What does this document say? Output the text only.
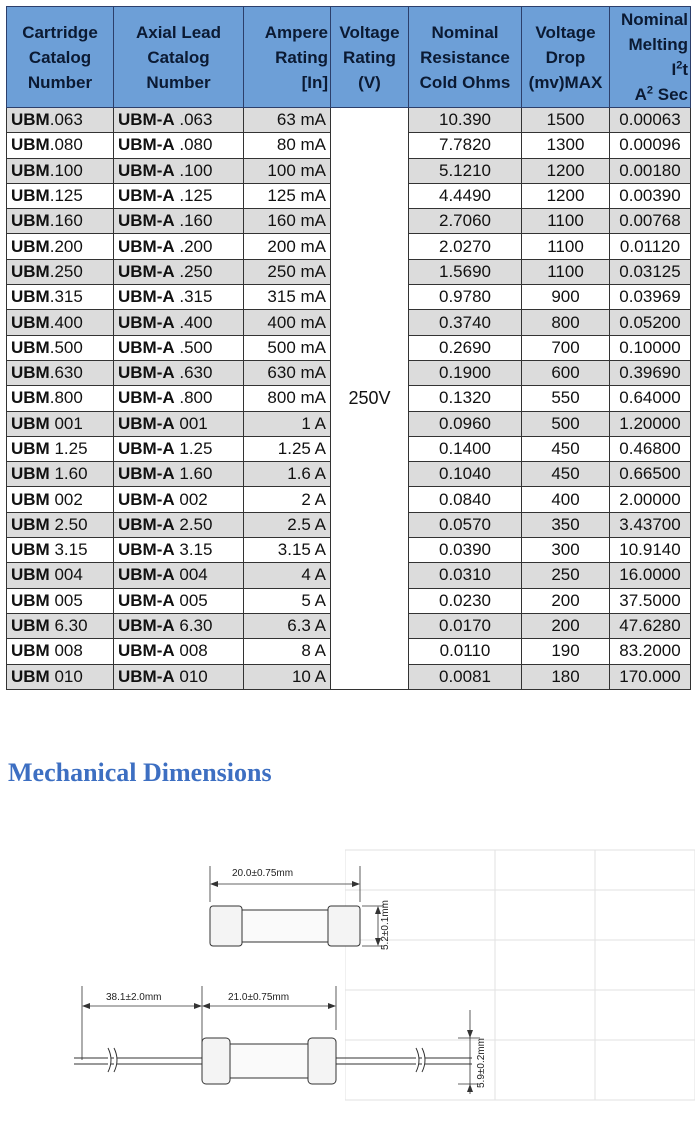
Cartridge
Catalog
Number	Axial Lead
Catalog
Number	Ampere
Rating
[In]	Voltage
Rating
(V)	Nominal
Resistance
Cold Ohms	Voltage
Drop
(mv)MAX	Nominal
Melting $I^2t$
$A^2$ Sec

UBM.063	UBM-A .063	63 mA	250V	10.390	1500	0.00063
UBM.080	UBM-A .080	80 mA		7.7820	1300	0.00096
UBM.100	UBM-A .100	100 mA		5.1210	1200	0.00180
UBM.125	UBM-A .125	125 mA		4.4490	1200	0.00390
UBM.160	UBM-A .160	160 mA		2.7060	1100	0.00768
UBM.200	UBM-A .200	200 mA		2.0270	1100	0.01120
UBM.250	UBM-A .250	250 mA		1.5690	1100	0.03125
UBM.315	UBM-A .315	315 mA		0.9780	900	0.03969
UBM.400	UBM-A .400	400 mA		0.3740	800	0.05200
UBM.500	UBM-A .500	500 mA		0.2690	700	0.10000
UBM.630	UBM-A .630	630 mA		0.1900	600	0.39690
UBM.800	UBM-A .800	800 mA		0.1320	550	0.64000
UBM 001	UBM-A 001	1 A		0.0960	500	1.20000
UBM 1.25	UBM-A 1.25	1.25 A		0.1400	450	0.46800
UBM 1.60	UBM-A 1.60	1.6 A		0.1040	450	0.66500
UBM 002	UBM-A 002	2 A		0.0840	400	2.00000
UBM 2.50	UBM-A 2.50	2.5 A		0.0570	350	3.43700
UBM 3.15	UBM-A 3.15	3.15 A		0.0390	300	10.9140
UBM 004	UBM-A 004	4 A		0.0310	250	16.0000
UBM 005	UBM-A 005	5 A		0.0230	200	37.5000
UBM 6.30	UBM-A 6.30	6.3 A		0.0170	200	47.6280
UBM 008	UBM-A 008	8 A		0.0110	190	83.2000
UBM 010	UBM-A 010	10 A		0.0081	180	170.000
Mechanical Dimensions
20.0±0.75mm
5.2±0.1mm
38.1±2.0mm	21.0±0.75mm
5.9±0.2mm
